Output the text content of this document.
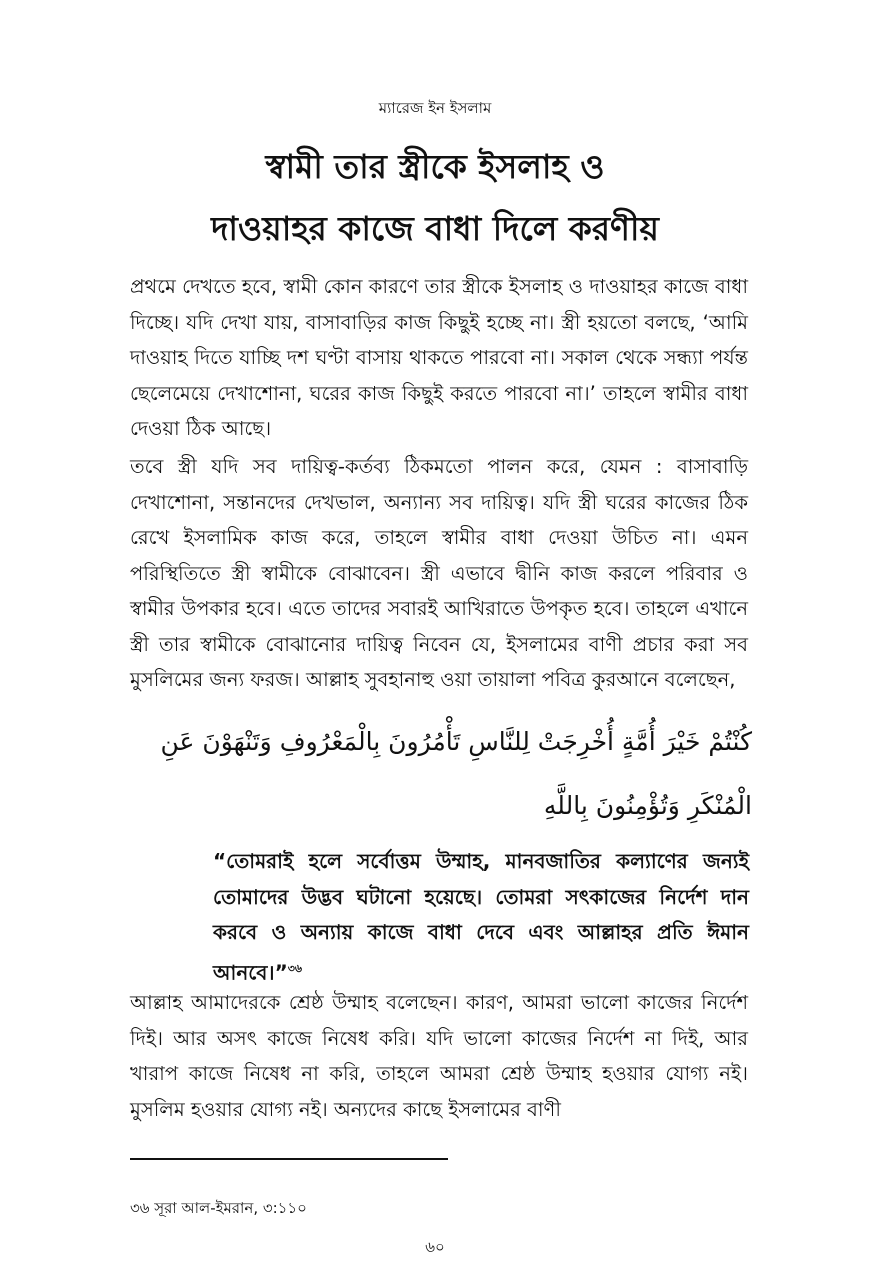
ম্যারেজ ইন ইসলাম
স্বামী তার স্ত্রীকে ইসলাহ ও
দাওয়াহর কাজে বাধা দিলে করণীয়

প্রথমে দেখতে হবে, স্বামী কোন কারণে তার স্ত্রীকে ইসলাহ ও দাওয়াহর কাজে বাধা দিচ্ছে। যদি দেখা যায়, বাসাবাড়ির কাজ কিছুই হচ্ছে না। স্ত্রী হয়তো বলছে, ‘আমি দাওয়াহ দিতে যাচ্ছি দশ ঘণ্টা বাসায় থাকতে পারবো না। সকাল থেকে সন্ধ্যা পর্যন্ত ছেলেমেয়ে দেখাশোনা, ঘরের কাজ কিছুই করতে পারবো না।’ তাহলে স্বামীর বাধা দেওয়া ঠিক আছে।

তবে স্ত্রী যদি সব দায়িত্ব-কর্তব্য ঠিকমতো পালন করে, যেমন : বাসাবাড়ি দেখাশোনা, সন্তানদের দেখভাল, অন্যান্য সব দায়িত্ব। যদি স্ত্রী ঘরের কাজের ঠিক রেখে ইসলামিক কাজ করে, তাহলে স্বামীর বাধা দেওয়া উচিত না। এমন পরিস্থিতিতে স্ত্রী স্বামীকে বোঝাবেন। স্ত্রী এভাবে দ্বীনি কাজ করলে পরিবার ও স্বামীর উপকার হবে। এতে তাদের সবারই আখিরাতে উপকৃত হবে। তাহলে এখানে স্ত্রী তার স্বামীকে বোঝানোর দায়িত্ব নিবেন যে, ইসলামের বাণী প্রচার করা সব মুসলিমের জন্য ফরজ। আল্লাহ সুবহানাহু ওয়া তায়ালা পবিত্র কুরআনে বলেছেন,

كُنْتُمْ خَيْرَ أُمَّةٍ أُخْرِجَتْ لِلنَّاسِ تَأْمُرُونَ بِالْمَعْرُوفِ وَتَنْهَوْنَ عَنِ
الْمُنْكَرِ وَتُؤْمِنُونَ بِاللَّهِ
“তোমরাই হলে সর্বোত্তম উম্মাহ, মানবজাতির কল্যাণের জন্যই তোমাদের উদ্ভব ঘটানো হয়েছে। তোমরা সৎকাজের নির্দেশ দান করবে ও অন্যায় কাজে বাধা দেবে এবং আল্লাহর প্রতি ঈমান আনবে।”$^{৩৬}$

আল্লাহ আমাদেরকে শ্রেষ্ঠ উম্মাহ বলেছেন। কারণ, আমরা ভালো কাজের নির্দেশ দিই। আর অসৎ কাজে নিষেধ করি। যদি ভালো কাজের নির্দেশ না দিই, আর খারাপ কাজে নিষেধ না করি, তাহলে আমরা শ্রেষ্ঠ উম্মাহ হওয়ার যোগ্য নই। মুসলিম হওয়ার যোগ্য নই। অন্যদের কাছে ইসলামের বাণী

৩৬ সূরা আল-ইমরান, ৩:১১০
৬০
